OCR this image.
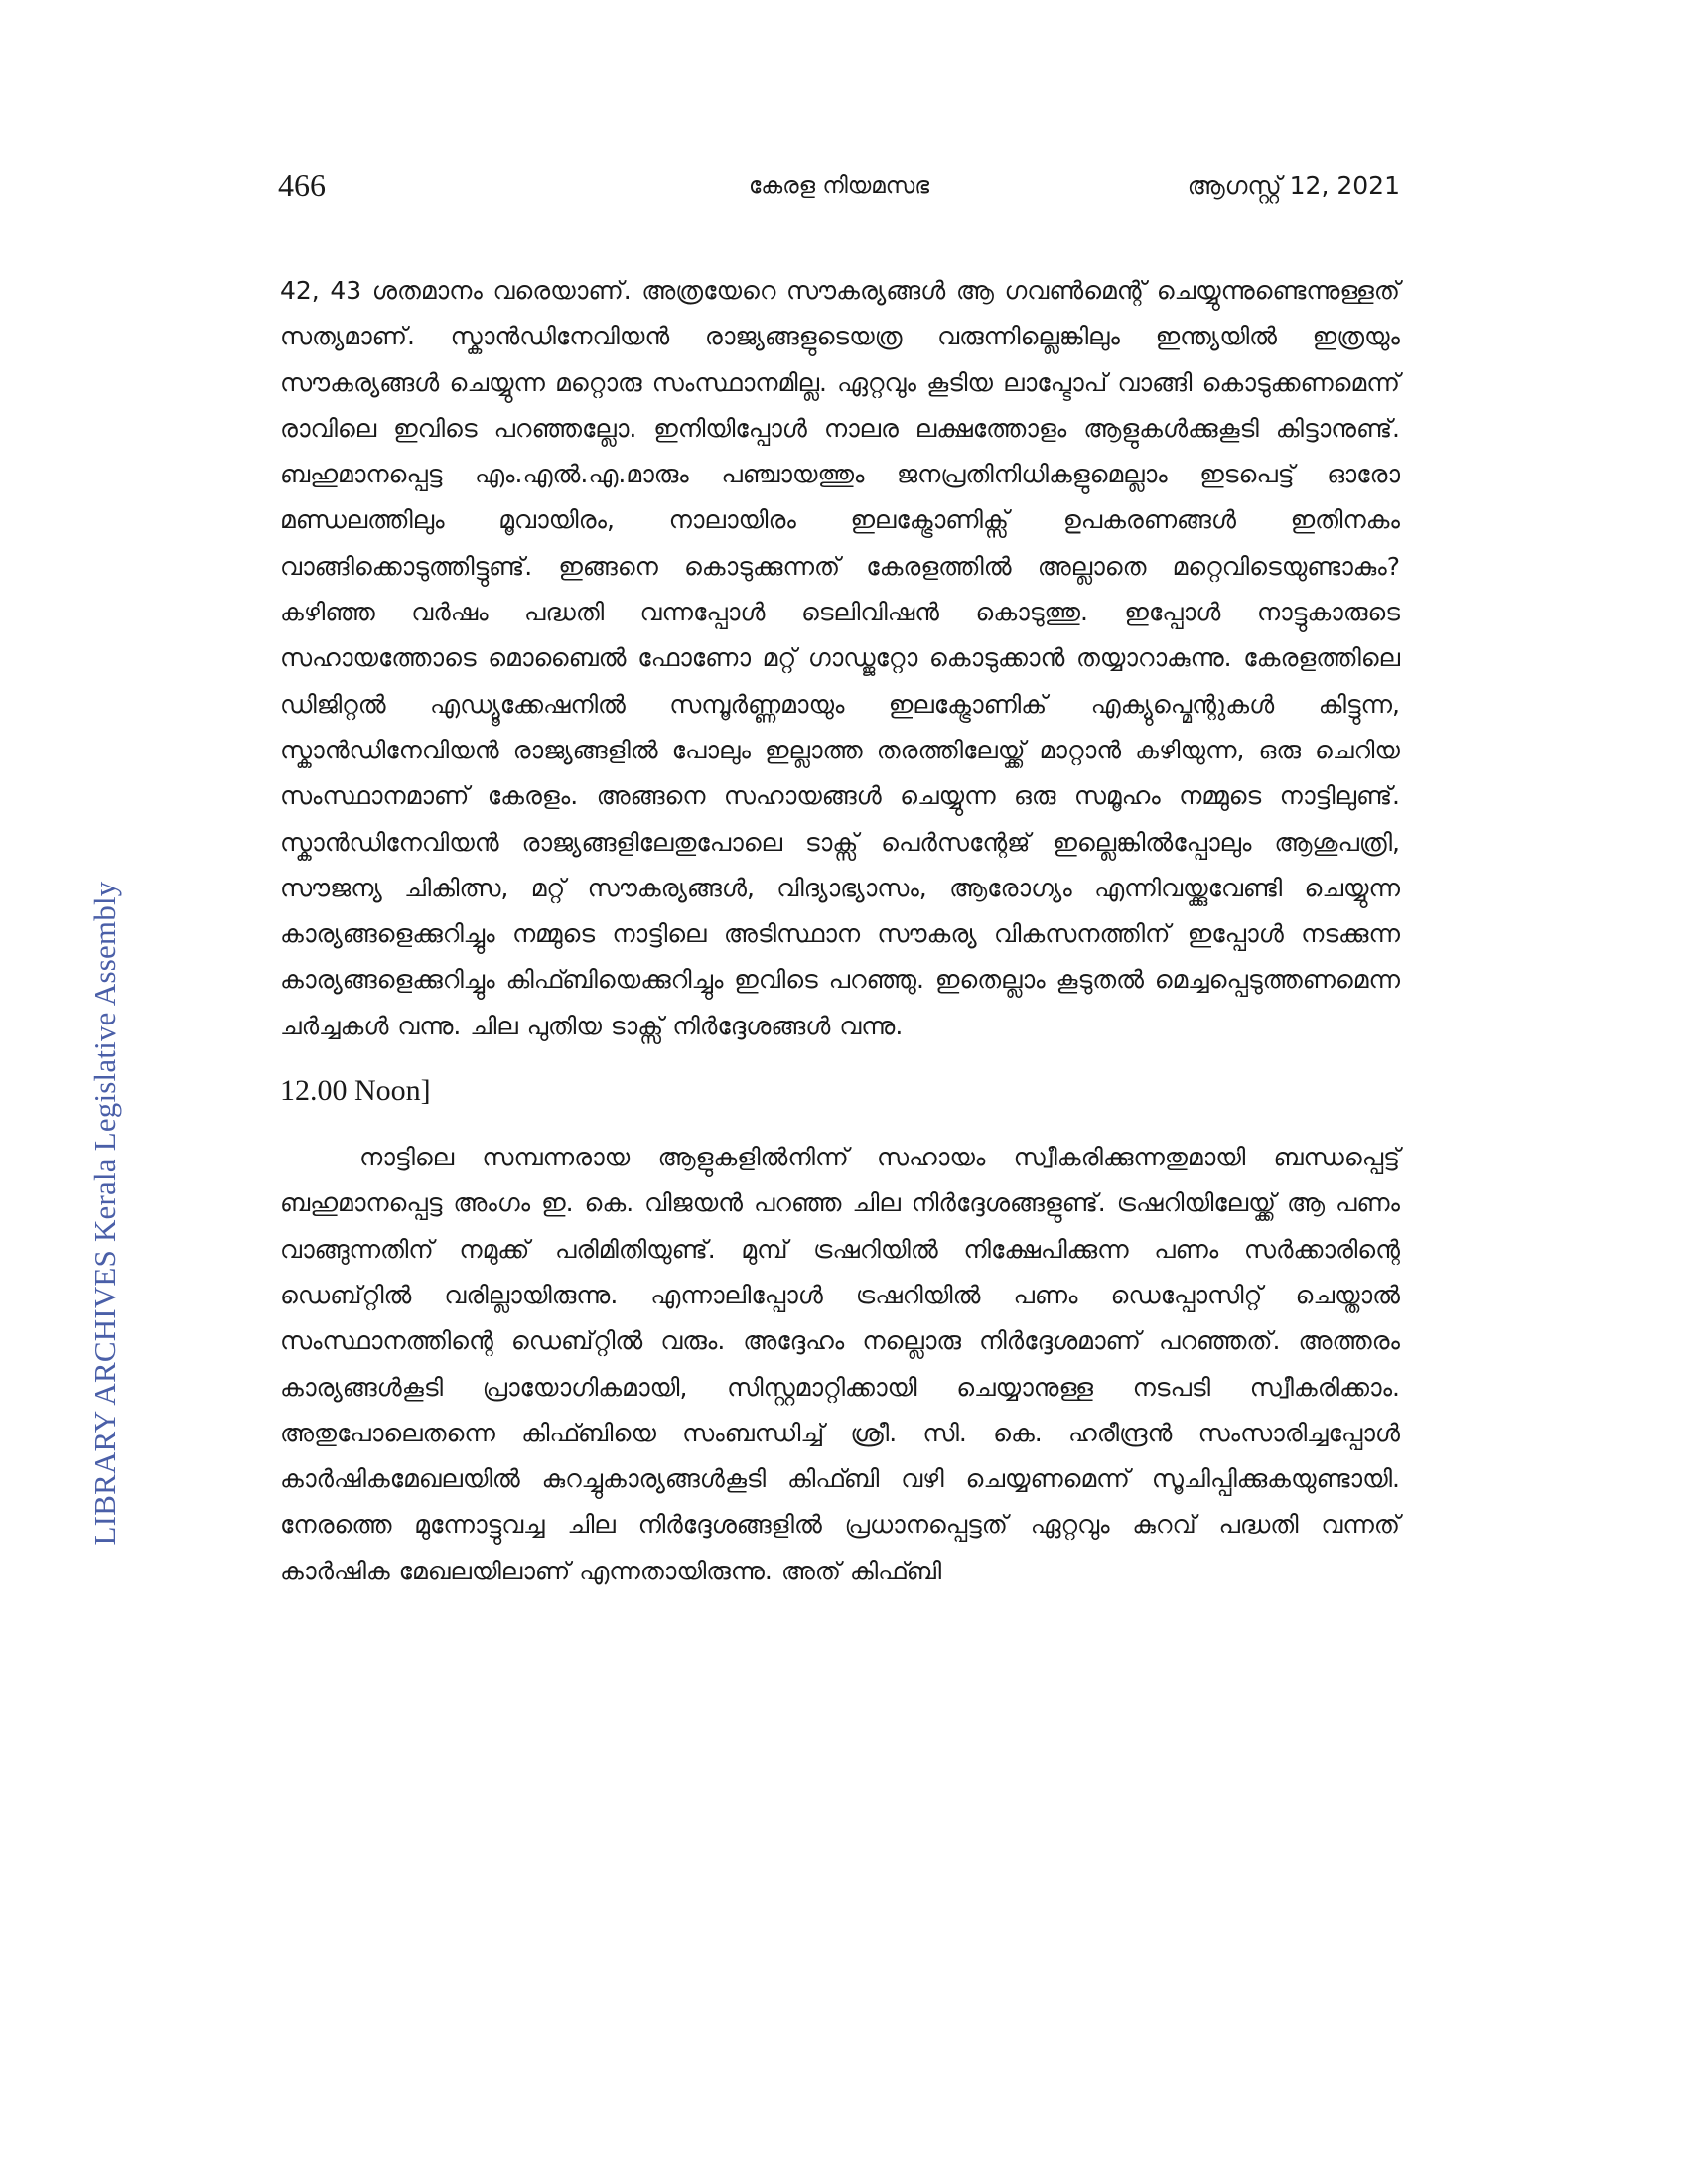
466	കേരള നിയമസഭ	ആഗസ്റ്റ് 12, 2021
LIBRARY ARCHIVES Kerala Legislative Assembly

42, 43 ശതമാനം വരെയാണ്. അത്രയേറെ സൗകര്യങ്ങൾ ആ ഗവൺമെന്റ് ചെയ്യുന്നുണ്ടെന്നുള്ളത് സത്യമാണ്. സ്കാൻഡിനേവിയൻ രാജ്യങ്ങളുടെയത്ര വരുന്നില്ലെങ്കിലും ഇന്ത്യയിൽ ഇത്രയും സൗകര്യങ്ങൾ ചെയ്യുന്ന മറ്റൊരു സംസ്ഥാനമില്ല. ഏറ്റവും കൂടിയ ലാപ്ടോപ് വാങ്ങി കൊടുക്കണമെന്ന് രാവിലെ ഇവിടെ പറഞ്ഞല്ലോ. ഇനിയിപ്പോൾ നാലര ലക്ഷത്തോളം ആളുകൾക്കുകൂടി കിട്ടാനുണ്ട്. ബഹുമാനപ്പെട്ട എം.എൽ.എ.മാരും പഞ്ചായത്തും ജനപ്രതിനിധികളുമെല്ലാം ഇടപെട്ട് ഓരോ മണ്ഡലത്തിലും മൂവായിരം, നാലായിരം ഇലക്ട്രോണിക്സ് ഉപകരണങ്ങൾ ഇതിനകം വാങ്ങിക്കൊടുത്തിട്ടുണ്ട്. ഇങ്ങനെ കൊടുക്കുന്നത് കേരളത്തിൽ അല്ലാതെ മറ്റെവിടെയുണ്ടാകും? കഴിഞ്ഞ വർഷം പദ്ധതി വന്നപ്പോൾ ടെലിവിഷൻ കൊടുത്തു. ഇപ്പോൾ നാട്ടുകാരുടെ സഹായത്തോടെ മൊബൈൽ ഫോണോ മറ്റ് ഗാഡ്ജറ്റോ കൊടുക്കാൻ തയ്യാറാകുന്നു. കേരളത്തിലെ ഡിജിറ്റൽ എഡ്യൂക്കേഷനിൽ സമ്പൂർണ്ണമായും ഇലക്ട്രോണിക് എക്യുപ്മെന്റുകൾ കിട്ടുന്ന, സ്കാൻഡിനേവിയൻ രാജ്യങ്ങളിൽ പോലും ഇല്ലാത്ത തരത്തിലേയ്ക്ക് മാറ്റാൻ കഴിയുന്ന, ഒരു ചെറിയ സംസ്ഥാനമാണ് കേരളം. അങ്ങനെ സഹായങ്ങൾ ചെയ്യുന്ന ഒരു സമൂഹം നമ്മുടെ നാട്ടിലുണ്ട്. സ്കാൻഡിനേവിയൻ രാജ്യങ്ങളിലേതുപോലെ ടാക്സ് പെർസന്റേജ് ഇല്ലെങ്കിൽപ്പോലും ആശുപത്രി, സൗജന്യ ചികിത്സ, മറ്റ് സൗകര്യങ്ങൾ, വിദ്യാഭ്യാസം, ആരോഗ്യം എന്നിവയ്ക്കുവേണ്ടി ചെയ്യുന്ന കാര്യങ്ങളെക്കുറിച്ചും നമ്മുടെ നാട്ടിലെ അടിസ്ഥാന സൗകര്യ വികസനത്തിന് ഇപ്പോൾ നടക്കുന്ന കാര്യങ്ങളെക്കുറിച്ചും കിഫ്ബിയെക്കുറിച്ചും ഇവിടെ പറഞ്ഞു. ഇതെല്ലാം കൂടുതൽ മെച്ചപ്പെടുത്തണമെന്ന ചർച്ചകൾ വന്നു. ചില പുതിയ ടാക്സ് നിർദ്ദേശങ്ങൾ വന്നു.

12.00 Noon]

നാട്ടിലെ സമ്പന്നരായ ആളുകളിൽനിന്ന് സഹായം സ്വീകരിക്കുന്നതുമായി ബന്ധപ്പെട്ട് ബഹുമാനപ്പെട്ട അംഗം ഇ. കെ. വിജയൻ പറഞ്ഞ ചില നിർദ്ദേശങ്ങളുണ്ട്. ട്രഷറിയിലേയ്ക്ക് ആ പണം വാങ്ങുന്നതിന് നമുക്ക് പരിമിതിയുണ്ട്. മുമ്പ് ട്രഷറിയിൽ നിക്ഷേപിക്കുന്ന പണം സർക്കാരിന്റെ ഡെബ്റ്റിൽ വരില്ലായിരുന്നു. എന്നാലിപ്പോൾ ട്രഷറിയിൽ പണം ഡെപ്പോസിറ്റ് ചെയ്താൽ സംസ്ഥാനത്തിന്റെ ഡെബ്റ്റിൽ വരും. അദ്ദേഹം നല്ലൊരു നിർദ്ദേശമാണ് പറഞ്ഞത്. അത്തരം കാര്യങ്ങൾകൂടി പ്രായോഗികമായി, സിസ്റ്റമാറ്റിക്കായി ചെയ്യാനുള്ള നടപടി സ്വീകരിക്കാം. അതുപോലെതന്നെ കിഫ്ബിയെ സംബന്ധിച്ച് ശ്രീ. സി. കെ. ഹരീന്ദ്രൻ സംസാരിച്ചപ്പോൾ കാർഷികമേഖലയിൽ കുറച്ചുകാര്യങ്ങൾകൂടി കിഫ്ബി വഴി ചെയ്യണമെന്ന് സൂചിപ്പിക്കുകയുണ്ടായി. നേരത്തെ മുന്നോട്ടുവച്ച ചില നിർദ്ദേശങ്ങളിൽ പ്രധാനപ്പെട്ടത് ഏറ്റവും കുറവ് പദ്ധതി വന്നത് കാർഷിക മേഖലയിലാണ് എന്നതായിരുന്നു. അത് കിഫ്ബി
